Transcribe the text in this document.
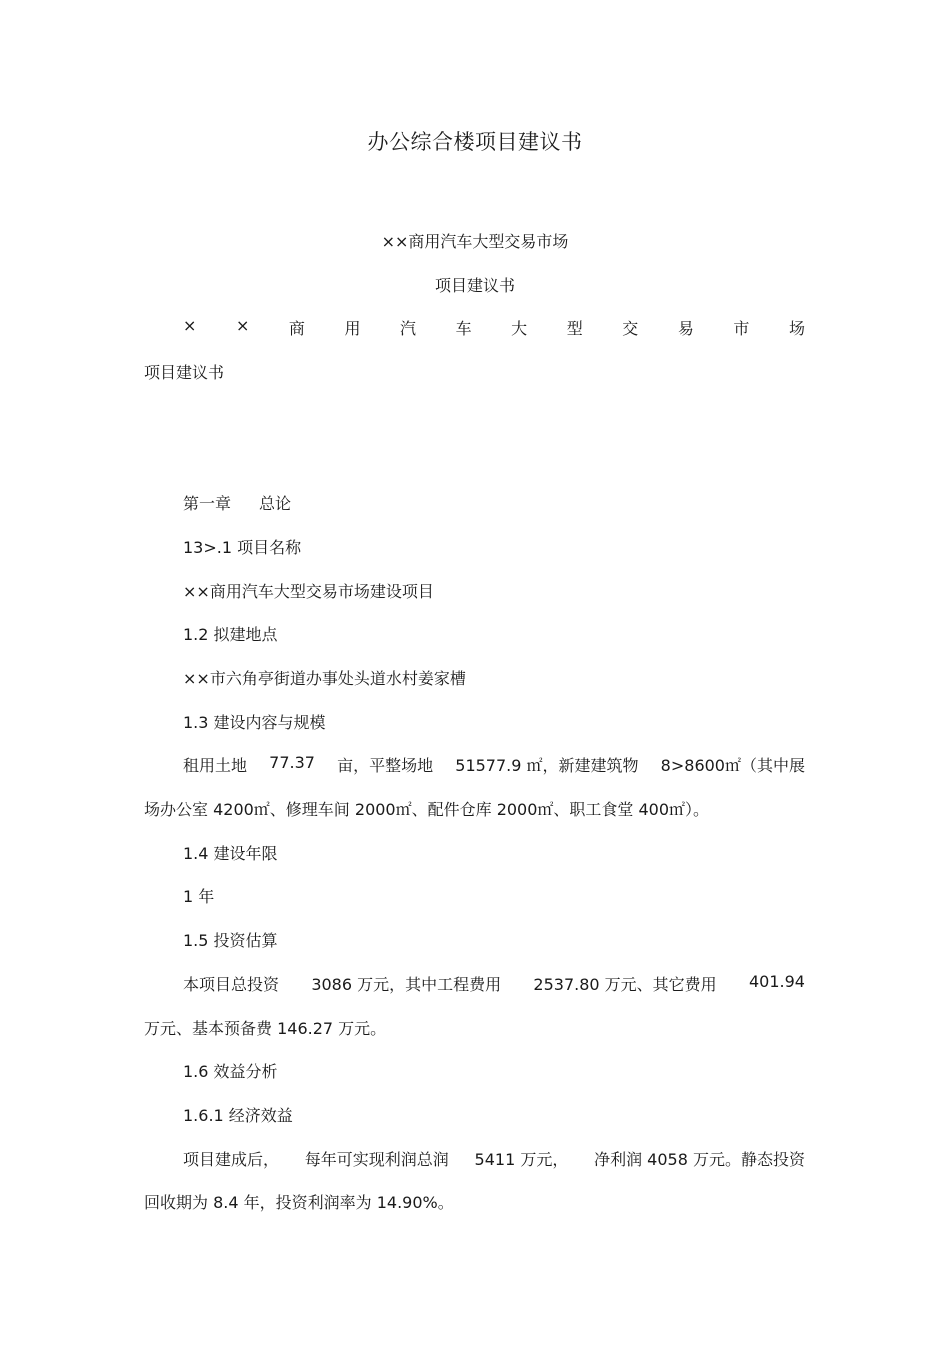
办公综合楼项目建议书
××商用汽车大型交易市场
项目建议书
× × 商 用 汽 车 大 型 交 易 市 场
项目建议书
第一章 总论
13>.1 项目名称
××商用汽车大型交易市场建设项目
1.2 拟建地点
××市六角亭街道办事处头道水村姜家槽
1.3 建设内容与规模
租用土地 77.37 亩，平整场地 51577.9 ㎡，新建建筑物 8>8600㎡（其中展
场办公室 4200㎡、修理车间 2000㎡、配件仓库 2000㎡、职工食堂 400㎡）。
1.4 建设年限
1 年
1.5 投资估算
本项目总投资 3086 万元，其中工程费用 2537.80 万元、其它费用 401.94
万元、基本预备费 146.27 万元。
1.6 效益分析
1.6.1 经济效益
项目建成后， 每年可实现利润总润 5411 万元， 净利润 4058 万元。静态投资
回收期为 8.4 年，投资利润率为 14.90%。
